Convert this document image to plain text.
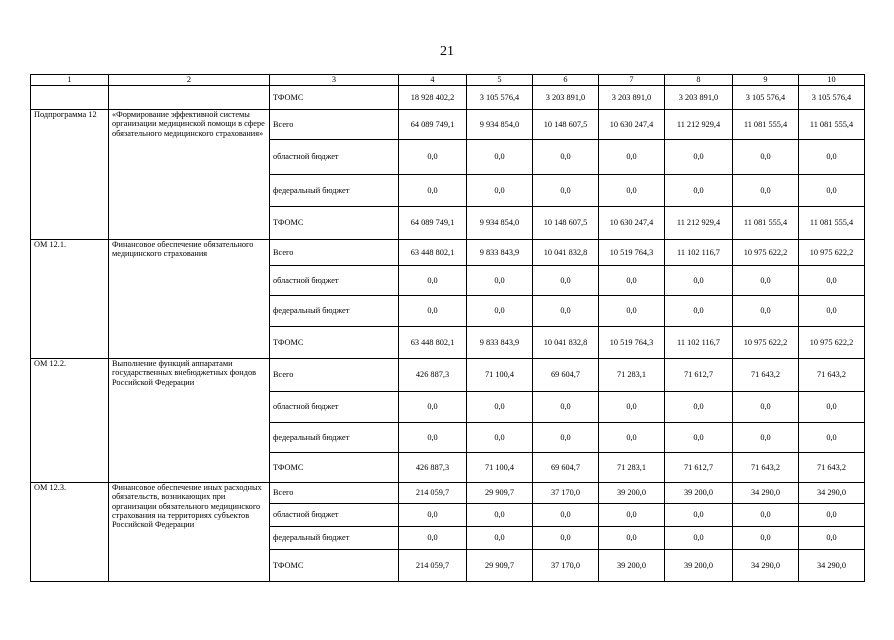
21
1	2	3	4	5	6	7	8	9	10
		ТФОМС	18 928 402,2	3 105 576,4	3 203 891,0	3 203 891,0	3 203 891,0	3 105 576,4	3 105 576,4
Подпрограмма 12	«Формирование эффективной системы организации медицинской помощи в сфере обязательного медицинского страхования»	Всего	64 089 749,1	9 934 854,0	10 148 607,5	10 630 247,4	11 212 929,4	11 081 555,4	11 081 555,4
		областной бюджет	0,0	0,0	0,0	0,0	0,0	0,0	0,0
		федеральный бюджет	0,0	0,0	0,0	0,0	0,0	0,0	0,0
		ТФОМС	64 089 749,1	9 934 854,0	10 148 607,5	10 630 247,4	11 212 929,4	11 081 555,4	11 081 555,4
ОМ 12.1.	Финансовое обеспечение обязательного медицинского страхования	Всего	63 448 802,1	9 833 843,9	10 041 832,8	10 519 764,3	11 102 116,7	10 975 622,2	10 975 622,2
		областной бюджет	0,0	0,0	0,0	0,0	0,0	0,0	0,0
		федеральный бюджет	0,0	0,0	0,0	0,0	0,0	0,0	0,0
		ТФОМС	63 448 802,1	9 833 843,9	10 041 832,8	10 519 764,3	11 102 116,7	10 975 622,2	10 975 622,2
ОМ 12.2.	Выполнение функций аппаратами государственных внебюджетных фондов Российской Федерации	Всего	426 887,3	71 100,4	69 604,7	71 283,1	71 612,7	71 643,2	71 643,2
		областной бюджет	0,0	0,0	0,0	0,0	0,0	0,0	0,0
		федеральный бюджет	0,0	0,0	0,0	0,0	0,0	0,0	0,0
		ТФОМС	426 887,3	71 100,4	69 604,7	71 283,1	71 612,7	71 643,2	71 643,2
ОМ 12.3.	Финансовое обеспечение иных расходных обязательств, возникающих при организации обязательного медицинского страхования на территориях субъектов Российской Федерации	Всего	214 059,7	29 909,7	37 170,0	39 200,0	39 200,0	34 290,0	34 290,0
		областной бюджет	0,0	0,0	0,0	0,0	0,0	0,0	0,0
		федеральный бюджет	0,0	0,0	0,0	0,0	0,0	0,0	0,0
		ТФОМС	214 059,7	29 909,7	37 170,0	39 200,0	39 200,0	34 290,0	34 290,0
